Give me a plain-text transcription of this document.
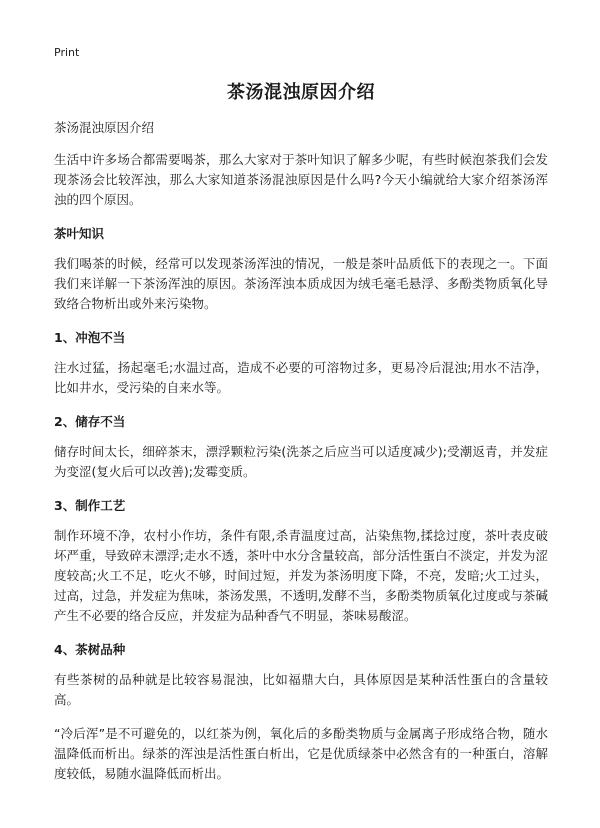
Print
茶汤混浊原因介绍
茶汤混浊原因介绍

生活中许多场合都需要喝茶，那么大家对于茶叶知识了解多少呢，有些时候泡茶我们会发现茶汤会比较浑浊，那么大家知道茶汤混浊原因是什么吗?今天小编就给大家介绍茶汤浑浊的四个原因。

茶叶知识

我们喝茶的时候，经常可以发现茶汤浑浊的情况，一般是茶叶品质低下的表现之一。下面我们来详解一下茶汤浑浊的原因。茶汤浑浊本质成因为绒毛毫毛悬浮、多酚类物质氧化导致络合物析出或外来污染物。

1、冲泡不当

注水过猛，扬起毫毛;水温过高，造成不必要的可溶物过多，更易冷后混浊;用水不洁净，比如井水，受污染的自来水等。

2、储存不当

储存时间太长，细碎茶末，漂浮颗粒污染(洗茶之后应当可以适度减少);受潮返青，并发症为变涩(复火后可以改善);发霉变质。

3、制作工艺

制作环境不净，农村小作坊，条件有限,杀青温度过高，沾染焦物,揉捻过度，茶叶表皮破坏严重，导致碎末漂浮;走水不透，茶叶中水分含量较高，部分活性蛋白不淡定，并发为涩度较高;火工不足，吃火不够，时间过短，并发为茶汤明度下降，不亮，发暗;火工过头，过高，过急，并发症为焦味，茶汤发黑，不透明,发酵不当，多酚类物质氧化过度或与茶碱产生不必要的络合反应，并发症为品种香气不明显，茶味易酸涩。

4、茶树品种

有些茶树的品种就是比较容易混浊，比如福鼎大白，具体原因是某种活性蛋白的含量较高。

“冷后浑”是不可避免的，以红茶为例，氧化后的多酚类物质与金属离子形成络合物，随水温降低而析出。绿茶的浑浊是活性蛋白析出，它是优质绿茶中必然含有的一种蛋白，溶解度较低，易随水温降低而析出。
